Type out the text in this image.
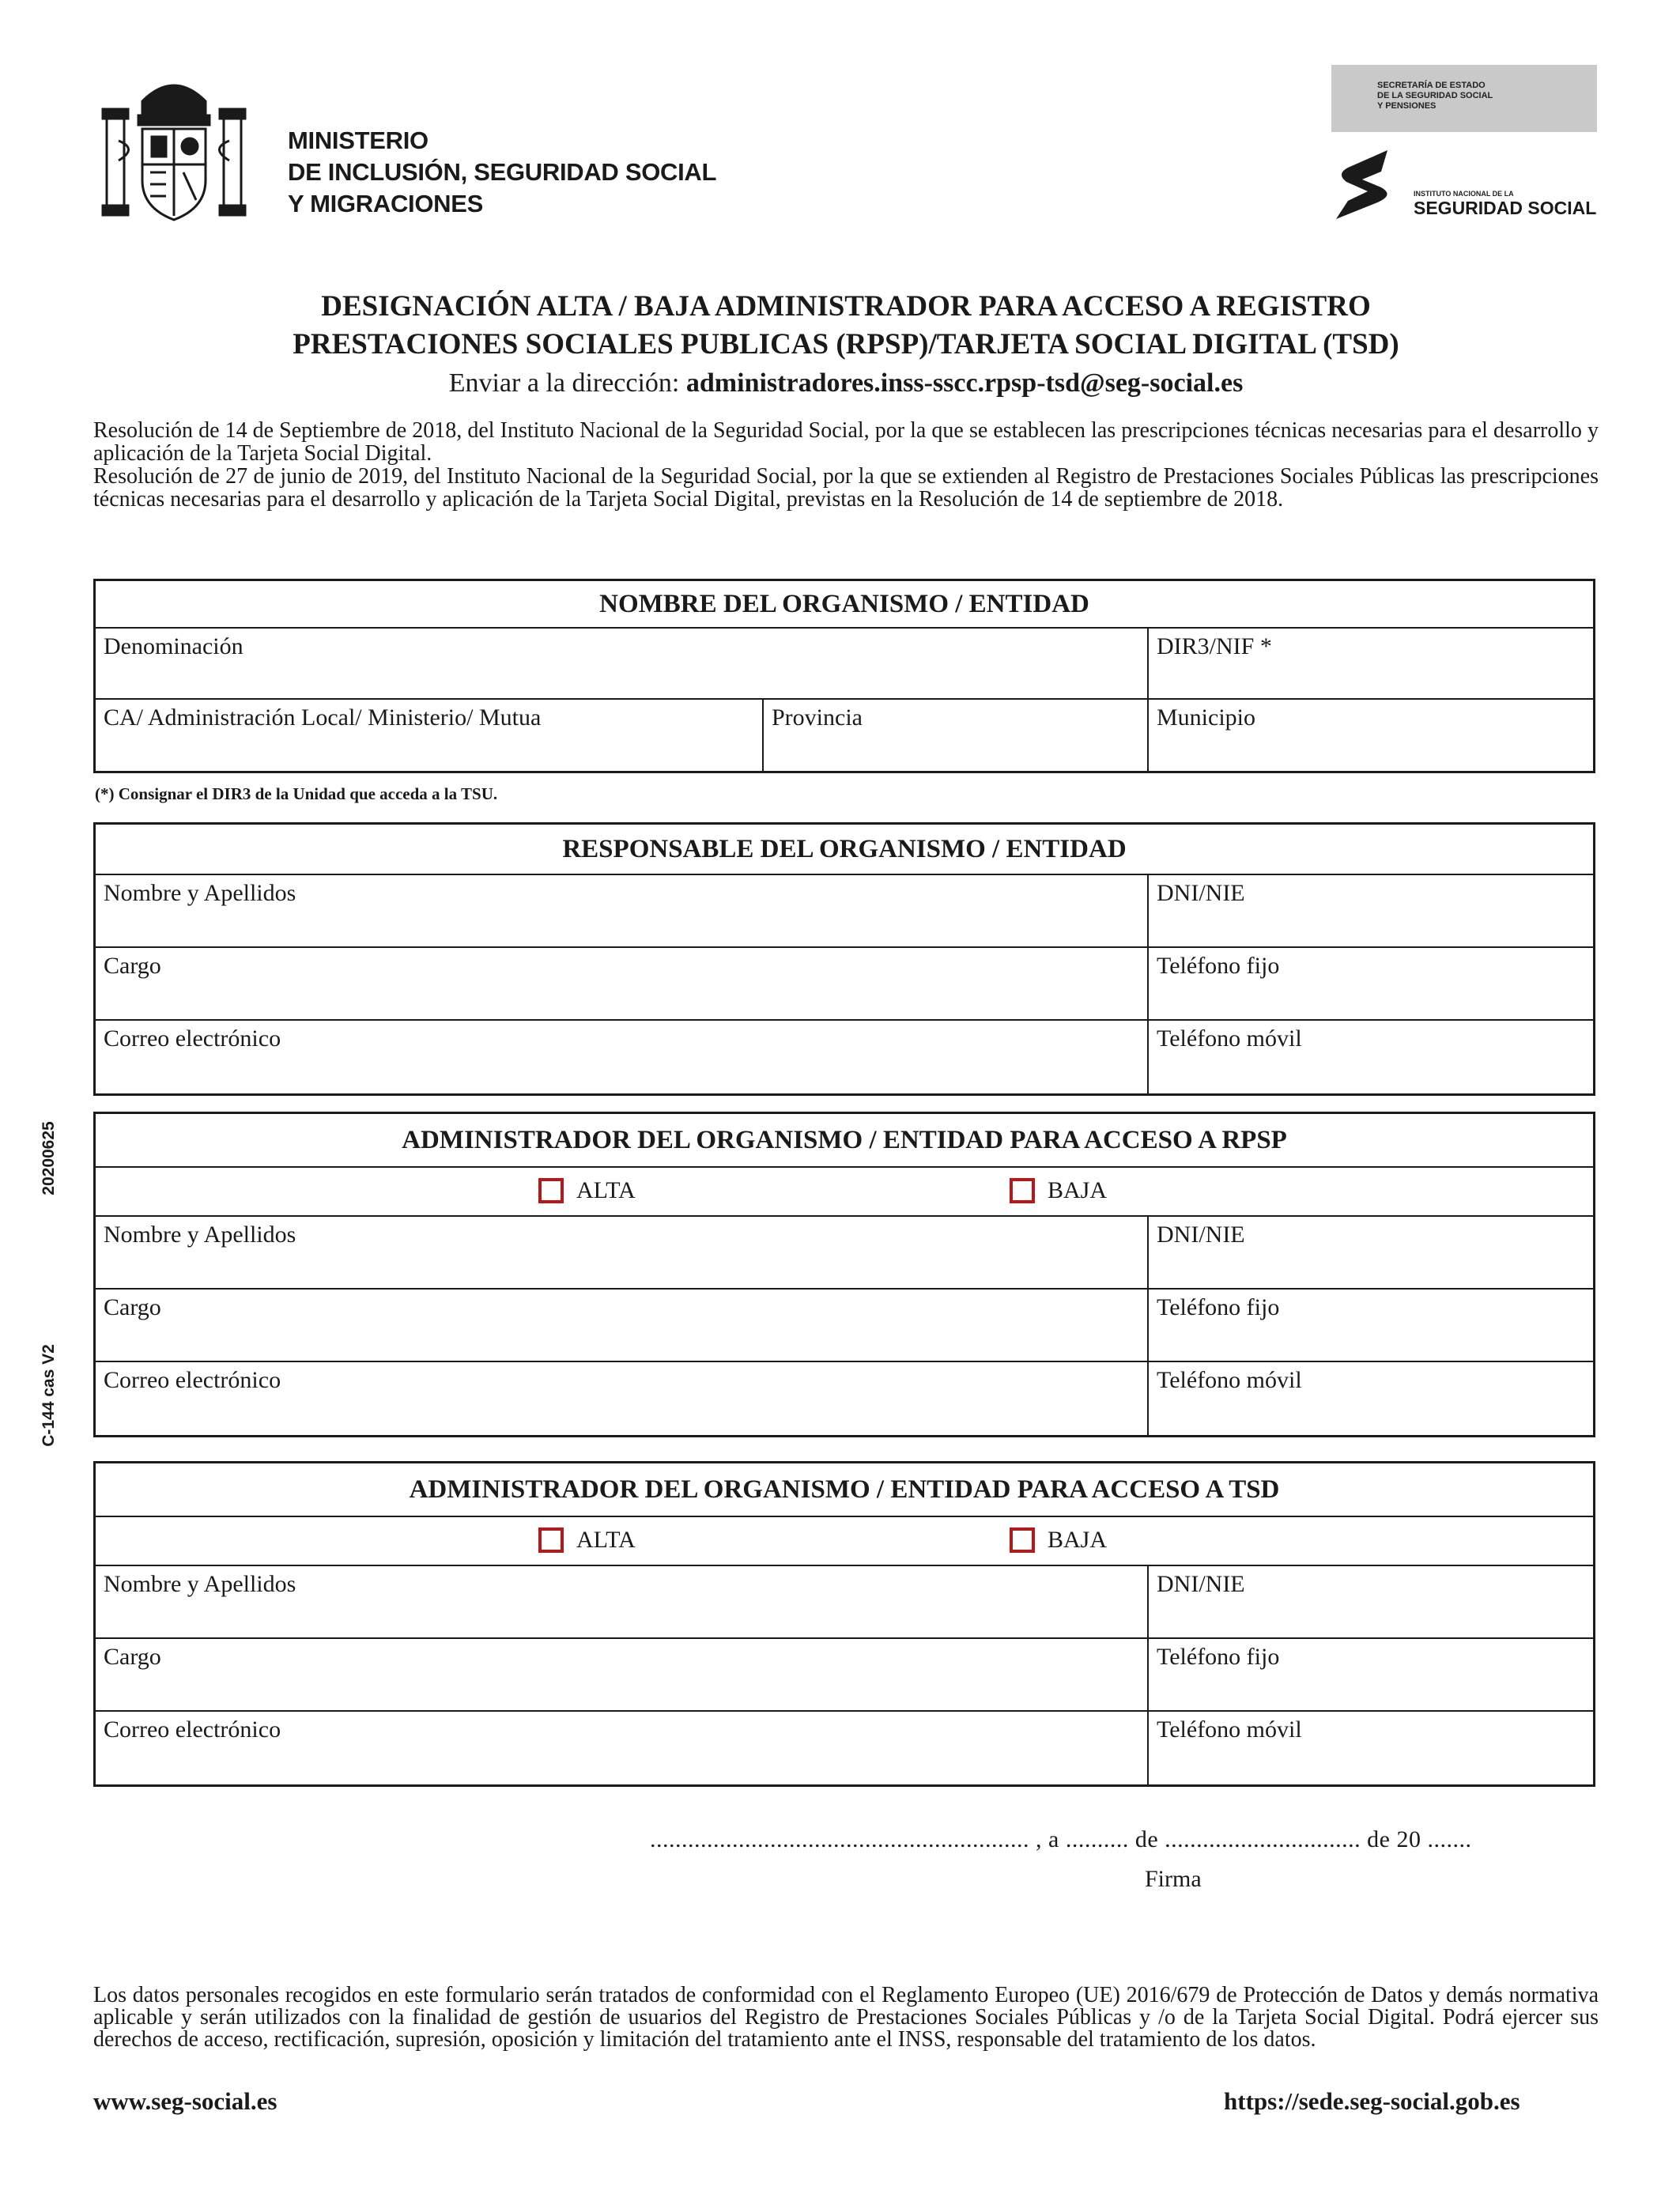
MINISTERIO
DE INCLUSIÓN, SEGURIDAD SOCIAL
Y MIGRACIONES
SECRETARÍA DE ESTADO
DE LA SEGURIDAD SOCIAL
Y PENSIONES
INSTITUTO NACIONAL DE LA
SEGURIDAD SOCIAL
DESIGNACIÓN ALTA / BAJA ADMINISTRADOR PARA ACCESO A REGISTRO
PRESTACIONES SOCIALES PUBLICAS (RPSP)/TARJETA SOCIAL DIGITAL (TSD)
Enviar a la dirección: administradores.inss-sscc.rpsp-tsd@seg-social.es

Resolución de 14 de Septiembre de 2018, del Instituto Nacional de la Seguridad Social, por la que se establecen las prescripciones técnicas necesarias para el desarrollo y aplicación de la Tarjeta Social Digital.

Resolución de 27 de junio de 2019, del Instituto Nacional de la Seguridad Social, por la que se extienden al Registro de Prestaciones Sociales Públicas las prescripciones técnicas necesarias para el desarrollo y aplicación de la Tarjeta Social Digital, previstas en la Resolución de 14 de septiembre de 2018.

NOMBRE DEL ORGANISMO / ENTIDAD
Denominación	DIR3/NIF *
CA/ Administración Local/ Ministerio/ Mutua	Provincia	Municipio
(*) Consignar el DIR3 de la Unidad que acceda a la TSU.
RESPONSABLE DEL ORGANISMO / ENTIDAD
Nombre y Apellidos	DNI/NIE
Cargo	Teléfono fijo
Correo electrónico	Teléfono móvil
ADMINISTRADOR DEL ORGANISMO / ENTIDAD PARA ACCESO A RPSP
ALTA	BAJA
Nombre y Apellidos	DNI/NIE
Cargo	Teléfono fijo
Correo electrónico	Teléfono móvil
ADMINISTRADOR DEL ORGANISMO / ENTIDAD PARA ACCESO A TSD
ALTA	BAJA
Nombre y Apellidos	DNI/NIE
Cargo	Teléfono fijo
Correo electrónico	Teléfono móvil
20200625
C-144 cas V2
............................................................ , a .......... de ............................... de 20 .......
Firma
Los datos personales recogidos en este formulario serán tratados de conformidad con el Reglamento Europeo (UE) 2016/679 de Protección de Datos y demás normativa aplicable y serán utilizados con la finalidad de gestión de usuarios del Registro de Prestaciones Sociales Públicas y /o de la Tarjeta Social Digital. Podrá ejercer sus derechos de acceso, rectificación, supresión, oposición y limitación del tratamiento ante el INSS, responsable del tratamiento de los datos.
www.seg-social.es	https://sede.seg-social.gob.es
